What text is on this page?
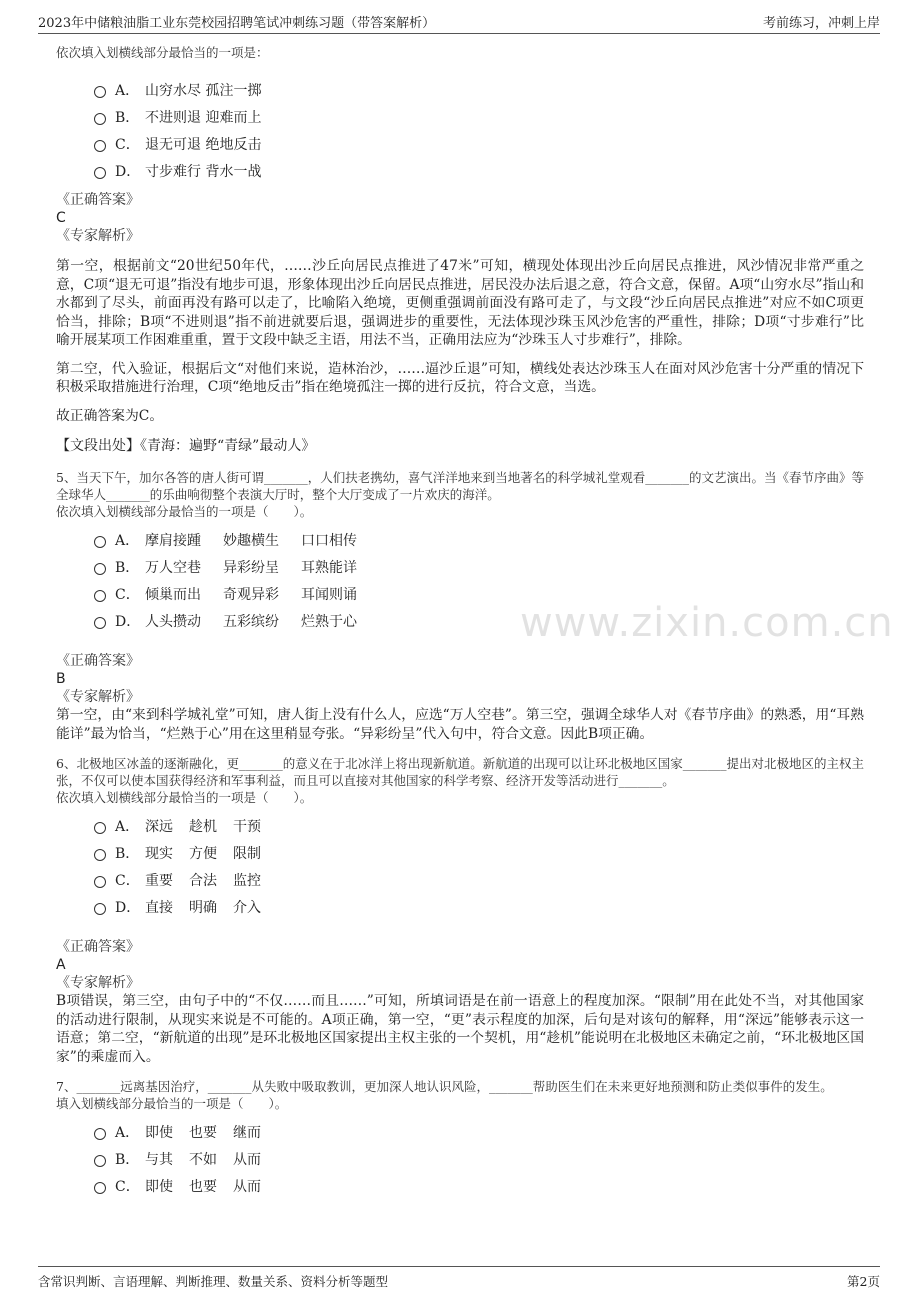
2023年中储粮油脂工业东莞校园招聘笔试冲刺练习题（带答案解析）	考前练习，冲刺上岸
www.zixin.com.cn
依次填入划横线部分最恰当的一项是：
A． 山穷水尽 孤注一掷
B． 不进则退 迎难而上
C． 退无可退 绝地反击
D． 寸步难行 背水一战
《正确答案》
C
《专家解析》
第一空，根据前文“20世纪50年代，……沙丘向居民点推进了47米”可知，横现处体现出沙丘向居民点推进，风沙情况非常严重之意，C项“退无可退”指没有地步可退，形象体现出沙丘向居民点推进，居民没办法后退之意，符合文意，保留。A项“山穷水尽”指山和水都到了尽头，前面再没有路可以走了，比喻陷入绝境，更侧重强调前面没有路可走了，与文段“沙丘向居民点推进”对应不如C项更恰当，排除；B项“不进则退”指不前进就要后退，强调进步的重要性，无法体现沙珠玉风沙危害的严重性，排除；D项“寸步难行”比喻开展某项工作困难重重，置于文段中缺乏主语，用法不当，正确用法应为“沙珠玉人寸步难行”，排除。
第二空，代入验证，根据后文“对他们来说，造林治沙，……逼沙丘退”可知，横线处表达沙珠玉人在面对风沙危害十分严重的情况下积极采取措施进行治理，C项“绝地反击”指在绝境孤注一掷的进行反抗，符合文意，当选。
故正确答案为C。
【文段出处】《青海：遍野“青绿”最动人》
5、当天下午，加尔各答的唐人街可谓_______，人们扶老携幼，喜气洋洋地来到当地著名的科学城礼堂观看_______的文艺演出。当《春节序曲》等全球华人_______的乐曲响彻整个表演大厅时，整个大厅变成了一片欢庆的海洋。
依次填入划横线部分最恰当的一项是（　　）。
A． 摩肩接踵 妙趣横生 口口相传
B． 万人空巷 异彩纷呈 耳熟能详
C． 倾巢而出 奇观异彩 耳闻则诵
D． 人头攒动 五彩缤纷 烂熟于心
《正确答案》
B
《专家解析》
第一空，由“来到科学城礼堂”可知，唐人街上没有什么人，应选“万人空巷”。第三空，强调全球华人对《春节序曲》的熟悉，用“耳熟能详”最为恰当，“烂熟于心”用在这里稍显夸张。“异彩纷呈”代入句中，符合文意。因此B项正确。
6、北极地区冰盖的逐渐融化，更_______的意义在于北冰洋上将出现新航道。新航道的出现可以让环北极地区国家_______提出对北极地区的主权主张，不仅可以使本国获得经济和军事利益，而且可以直接对其他国家的科学考察、经济开发等活动进行_______。
依次填入划横线部分最恰当的一项是（　　）。
A． 深远 趁机 干预
B． 现实 方便 限制
C． 重要 合法 监控
D． 直接 明确 介入
《正确答案》
A
《专家解析》
B项错误，第三空，由句子中的“不仅……而且……”可知，所填词语是在前一语意上的程度加深。“限制”用在此处不当，对其他国家的活动进行限制，从现实来说是不可能的。A项正确，第一空，“更”表示程度的加深，后句是对该句的解释，用“深远”能够表示这一语意；第二空，“新航道的出现”是环北极地区国家提出主权主张的一个契机，用“趁机”能说明在北极地区未确定之前，“环北极地区国家”的乘虚而入。
7、_______远离基因治疗，_______从失败中吸取教训，更加深人地认识风险，_______帮助医生们在未来更好地预测和防止类似事件的发生。
填入划横线部分最恰当的一项是（　　）。
A． 即使 也要 继而
B． 与其 不如 从而
C． 即使 也要 从而
含常识判断、言语理解、判断推理、数量关系、资料分析等题型	第2页
